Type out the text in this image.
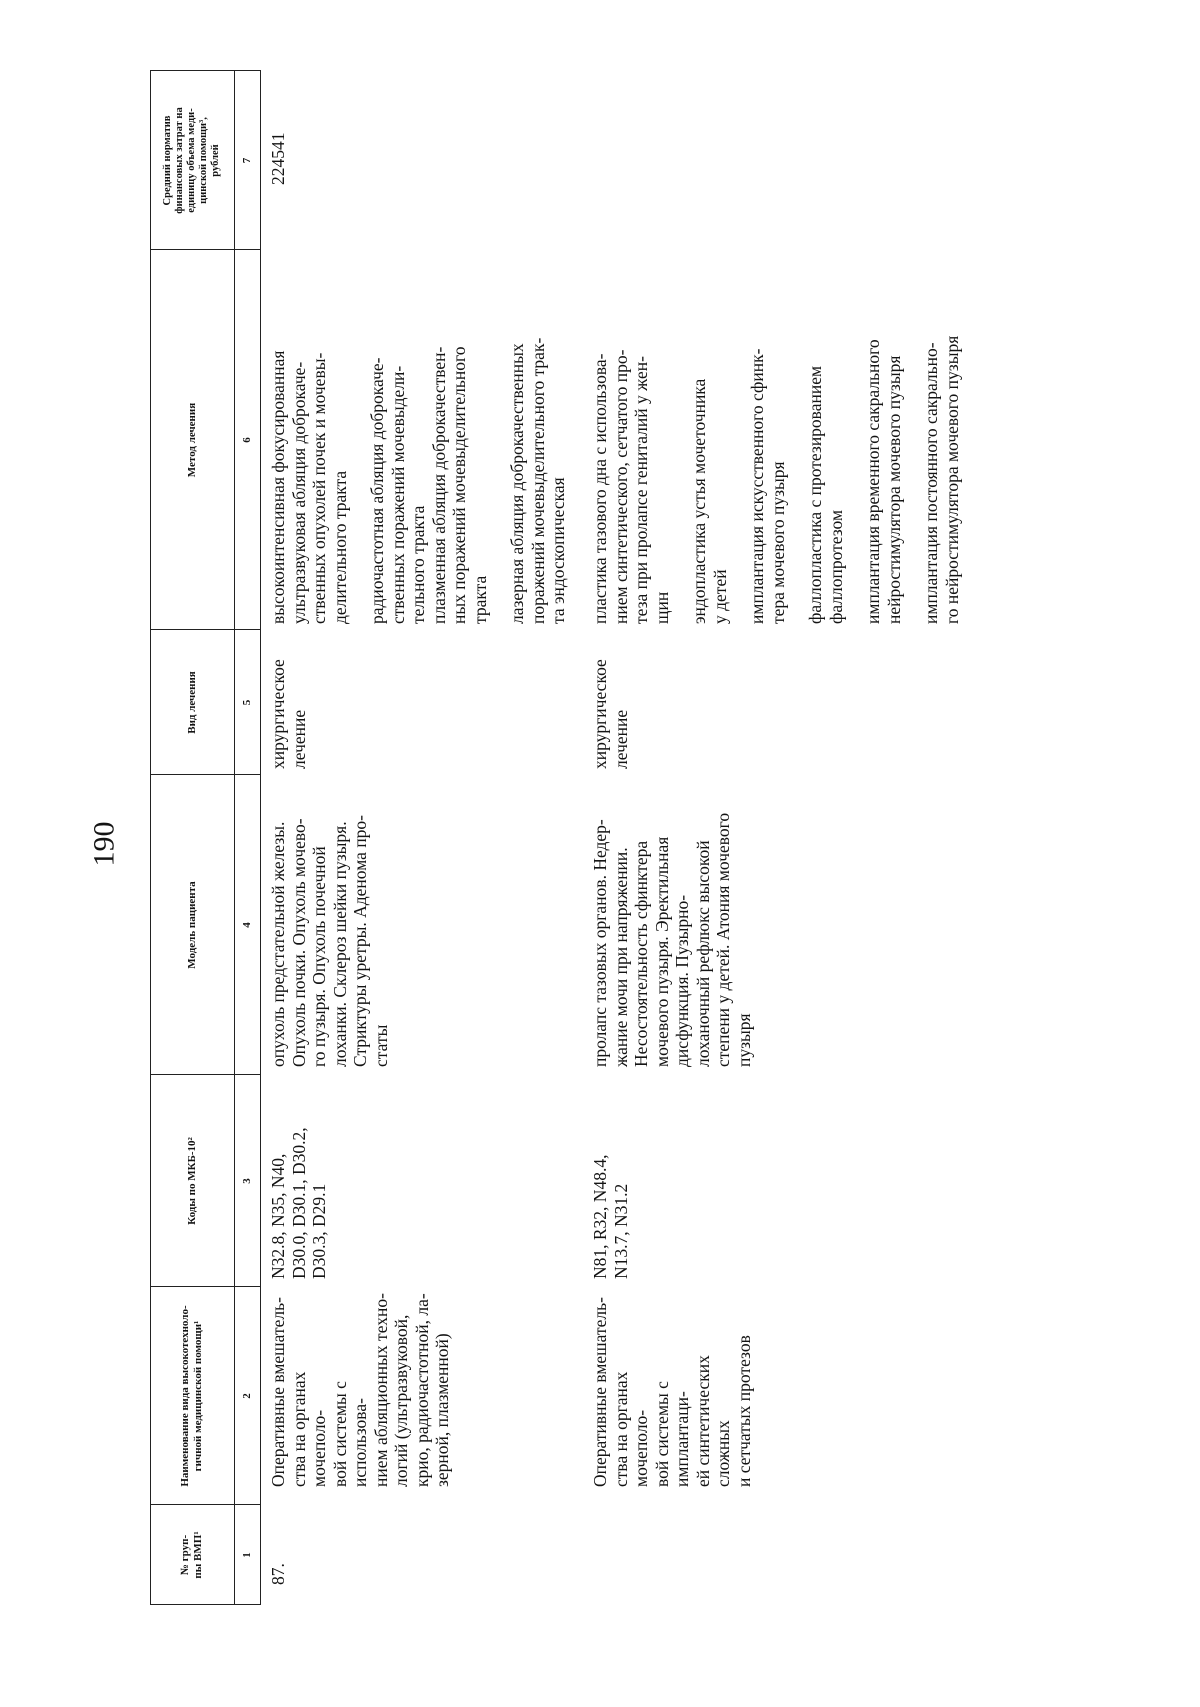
190
№ груп-
пы ВМП¹
Наименование вида высокотехноло-
гичной медицинской помощи¹
Коды по МКБ-10²
Модель пациента
Вид лечения
Метод лечения
Средний норматив
финансовых затрат на
единицу объема меди-
цинской помощи³,
рублей
1
2
3
4
5
6
7
87.
Оперативные вмешатель-
ства на органах мочеполо-
вой системы с использова-
нием абляционных техно-
логий (ультразвуковой,
крио, радиочастотной, ла-
зерной, плазменной)
N32.8, N35, N40,
D30.0, D30.1, D30.2,
D30.3, D29.1
опухоль предстательной железы.
Опухоль почки. Опухоль мочево-
го пузыря. Опухоль почечной
лоханки. Склероз шейки пузыря.
Стриктуры уретры. Аденома про-
статы
хирургическое
лечение
высокоинтенсивная фокусированная
ультразвуковая абляция доброкаче-
ственных опухолей почек и мочевы-
делительного тракта
радиочастотная абляция доброкаче-
ственных поражений мочевыдели-
тельного тракта
плазменная абляция доброкачествен-
ных поражений мочевыделительного
тракта лазерная абляция доброкачественных
поражений мочевыделительного трак-
та эндоскопическая
224541
Оперативные вмешатель-
ства на органах мочеполо-
вой системы с имплантаци-
ей синтетических сложных
и сетчатых протезов
N81, R32, N48.4,
N13.7, N31.2
пролапс тазовых органов. Недер-
жание мочи при напряжении.
Несостоятельность сфинктера
мочевого пузыря. Эректильная
дисфункция. Пузырно-
лоханочный рефлюкс высокой
степени у детей. Атония мочевого
пузыря
хирургическое
лечение
пластика тазового дна с использова-
нием синтетического, сетчатого про-
теза при пролапсе гениталий у жен-
щин эндопластика устья мочеточника
у детей имплантация искусственного сфинк-
тера мочевого пузыря
фаллопластика с протезированием
фаллопротезом имплантация временного сакрального
нейростимулятора мочевого пузыря
имплантация постоянного сакрально-
го нейростимулятора мочевого пузыря
